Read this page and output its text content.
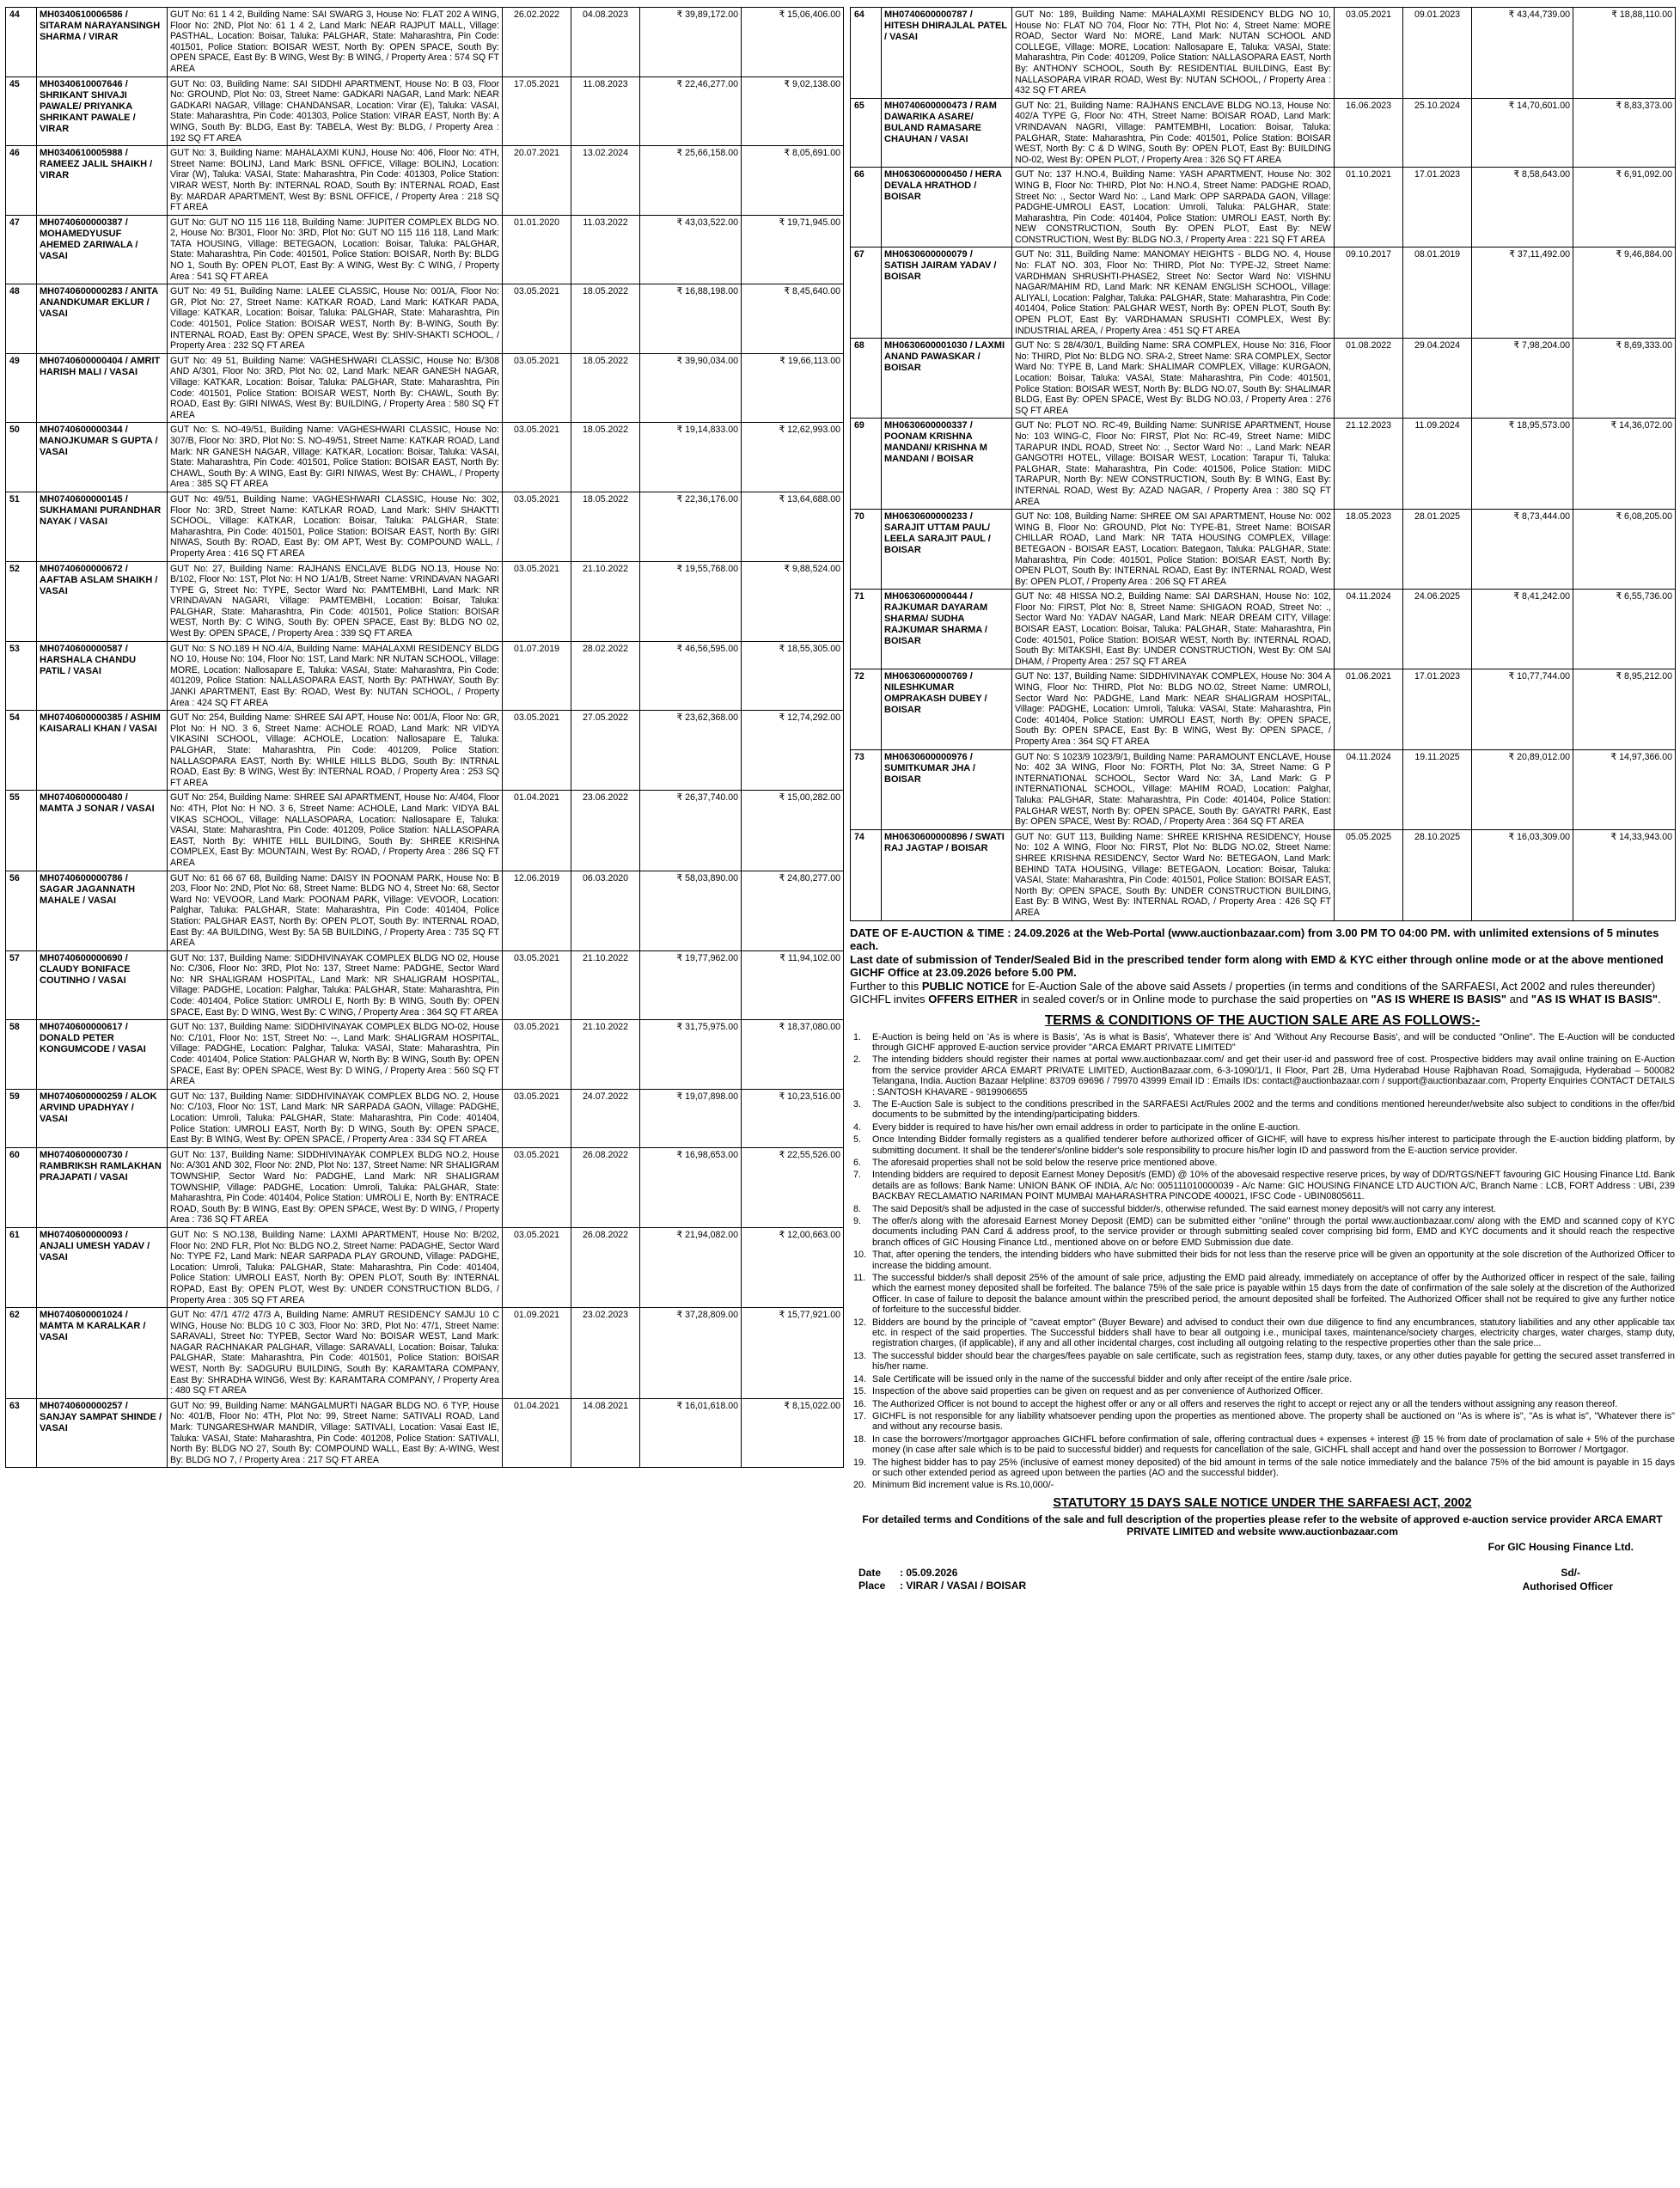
44	MH0340610006586 / SITARAM NARAYANSINGH SHARMA / VIRAR	GUT No: 61 1 4 2, Building Name: SAI SWARG 3, House No: FLAT 202 A WING, Floor No: 2ND, Plot No: 61 1 4 2, Land Mark: NEAR RAJPUT MALL, Village: PASTHAL, Location: Boisar, Taluka: PALGHAR, State: Maharashtra, Pin Code: 401501, Police Station: BOISAR WEST, North By: OPEN SPACE, South By: OPEN SPACE, East By: B WING, West By: B WING, / Property Area : 574 SQ FT AREA	26.02.2022	04.08.2023	₹ 39,89,172.00	₹ 15,06,406.00
45	MH0340610007646 / SHRIKANT SHIVAJI PAWALE/ PRIYANKA SHRIKANT PAWALE / VIRAR	GUT No: 03, Building Name: SAI SIDDHI APARTMENT, House No: B 03, Floor No: GROUND, Plot No: 03, Street Name: GADKARI NAGAR, Land Mark: NEAR GADKARI NAGAR, Village: CHANDANSAR, Location: Virar (E), Taluka: VASAI, State: Maharashtra, Pin Code: 401303, Police Station: VIRAR EAST, North By: A WING, South By: BLDG, East By: TABELA, West By: BLDG, / Property Area : 192 SQ FT AREA	17.05.2021	11.08.2023	₹ 22,46,277.00	₹ 9,02,138.00
46	MH0340610005988 / RAMEEZ JALIL SHAIKH / VIRAR	GUT No: 3, Building Name: MAHALAXMI KUNJ, House No: 406, Floor No: 4TH, Street Name: BOLINJ, Land Mark: BSNL OFFICE, Village: BOLINJ, Location: Virar (W), Taluka: VASAI, State: Maharashtra, Pin Code: 401303, Police Station: VIRAR WEST, North By: INTERNAL ROAD, South By: INTERNAL ROAD, East By: MARDAR APARTMENT, West By: BSNL OFFICE, / Property Area : 218 SQ FT AREA	20.07.2021	13.02.2024	₹ 25,66,158.00	₹ 8,05,691.00
47	MH0740600000387 / MOHAMEDYUSUF AHEMED ZARIWALA / VASAI	GUT No: GUT NO 115 116 118, Building Name: JUPITER COMPLEX BLDG NO. 2, House No: B/301, Floor No: 3RD, Plot No: GUT NO 115 116 118, Land Mark: TATA HOUSING, Village: BETEGAON, Location: Boisar, Taluka: PALGHAR, State: Maharashtra, Pin Code: 401501, Police Station: BOISAR, North By: BLDG NO 1, South By: OPEN PLOT, East By: A WING, West By: C WING, / Property Area : 541 SQ FT AREA	01.01.2020	11.03.2022	₹ 43,03,522.00	₹ 19,71,945.00
48	MH0740600000283 / ANITA ANANDKUMAR EKLUR / VASAI	GUT No: 49 51, Building Name: LALEE CLASSIC, House No: 001/A, Floor No: GR, Plot No: 27, Street Name: KATKAR ROAD, Land Mark: KATKAR PADA, Village: KATKAR, Location: Boisar, Taluka: PALGHAR, State: Maharashtra, Pin Code: 401501, Police Station: BOISAR WEST, North By: B-WING, South By: INTERNAL ROAD, East By: OPEN SPACE, West By: SHIV-SHAKTI SCHOOL, / Property Area : 232 SQ FT AREA	03.05.2021	18.05.2022	₹ 16,88,198.00	₹ 8,45,640.00
49	MH0740600000404 / AMRIT HARISH MALI / VASAI	GUT No: 49 51, Building Name: VAGHESHWARI CLASSIC, House No: B/308 AND A/301, Floor No: 3RD, Plot No: 02, Land Mark: NEAR GANESH NAGAR, Village: KATKAR, Location: Boisar, Taluka: PALGHAR, State: Maharashtra, Pin Code: 401501, Police Station: BOISAR WEST, North By: CHAWL, South By: ROAD, East By: GIRI NIWAS, West By: BUILDING, / Property Area : 580 SQ FT AREA	03.05.2021	18.05.2022	₹ 39,90,034.00	₹ 19,66,113.00
50	MH0740600000344 / MANOJKUMAR S GUPTA / VASAI	GUT No: S. NO-49/51, Building Name: VAGHESHWARI CLASSIC, House No: 307/B, Floor No: 3RD, Plot No: S. NO-49/51, Street Name: KATKAR ROAD, Land Mark: NR GANESH NAGAR, Village: KATKAR, Location: Boisar, Taluka: VASAI, State: Maharashtra, Pin Code: 401501, Police Station: BOISAR EAST, North By: CHAWL, South By: A WING, East By: GIRI NIWAS, West By: CHAWL, / Property Area : 385 SQ FT AREA	03.05.2021	18.05.2022	₹ 19,14,833.00	₹ 12,62,993.00
51	MH0740600000145 / SUKHAMANI PURANDHAR NAYAK / VASAI	GUT No: 49/51, Building Name: VAGHESHWARI CLASSIC, House No: 302, Floor No: 3RD, Street Name: KATLKAR ROAD, Land Mark: SHIV SHAKTTI SCHOOL, Village: KATKAR, Location: Boisar, Taluka: PALGHAR, State: Maharashtra, Pin Code: 401501, Police Station: BOISAR EAST, North By: GIRI NIWAS, South By: ROAD, East By: OM APT, West By: COMPOUND WALL, / Property Area : 416 SQ FT AREA	03.05.2021	18.05.2022	₹ 22,36,176.00	₹ 13,64,688.00
52	MH0740600000672 / AAFTAB ASLAM SHAIKH / VASAI	GUT No: 27, Building Name: RAJHANS ENCLAVE BLDG NO.13, House No: B/102, Floor No: 1ST, Plot No: H NO 1/A1/B, Street Name: VRINDAVAN NAGARI TYPE G, Street No: TYPE, Sector Ward No: PAMTEMBHI, Land Mark: NR VRINDAVAN NAGARI, Village: PAMTEMBHI, Location: Boisar, Taluka: PALGHAR, State: Maharashtra, Pin Code: 401501, Police Station: BOISAR WEST, North By: C WING, South By: OPEN SPACE, East By: BLDG NO 02, West By: OPEN SPACE, / Property Area : 339 SQ FT AREA	03.05.2021	21.10.2022	₹ 19,55,768.00	₹ 9,88,524.00
53	MH0740600000587 / HARSHALA CHANDU PATIL / VASAI	GUT No: S NO.189 H NO.4/A, Building Name: MAHALAXMI RESIDENCY BLDG NO 10, House No: 104, Floor No: 1ST, Land Mark: NR NUTAN SCHOOL, Village: MORE, Location: Nallosapare E, Taluka: VASAI, State: Maharashtra, Pin Code: 401209, Police Station: NALLASOPARA EAST, North By: PATHWAY, South By: JANKI APARTMENT, East By: ROAD, West By: NUTAN SCHOOL, / Property Area : 424 SQ FT AREA	01.07.2019	28.02.2022	₹ 46,56,595.00	₹ 18,55,305.00
54	MH0740600000385 / ASHIM KAISARALI KHAN / VASAI	GUT No: 254, Building Name: SHREE SAI APT, House No: 001/A, Floor No: GR, Plot No: H NO. 3 6, Street Name: ACHOLE ROAD, Land Mark: NR VIDYA VIKASINI SCHOOL, Village: ACHOLE, Location: Nallosapare E, Taluka: PALGHAR, State: Maharashtra, Pin Code: 401209, Police Station: NALLASOPARA EAST, North By: WHILE HILLS BLDG, South By: INTRNAL ROAD, East By: B WING, West By: INTERNAL ROAD, / Property Area : 253 SQ FT AREA	03.05.2021	27.05.2022	₹ 23,62,368.00	₹ 12,74,292.00
55	MH0740600000480 / MAMTA J SONAR / VASAI	GUT No: 254, Building Name: SHREE SAI APARTMENT, House No: A/404, Floor No: 4TH, Plot No: H NO. 3 6, Street Name: ACHOLE, Land Mark: VIDYA BAL VIKAS SCHOOL, Village: NALLASOPARA, Location: Nallosapare E, Taluka: VASAI, State: Maharashtra, Pin Code: 401209, Police Station: NALLASOPARA EAST, North By: WHITE HILL BUILDING, South By: SHREE KRISHNA COMPLEX, East By: MOUNTAIN, West By: ROAD, / Property Area : 286 SQ FT AREA	01.04.2021	23.06.2022	₹ 26,37,740.00	₹ 15,00,282.00
56	MH0740600000786 / SAGAR JAGANNATH MAHALE / VASAI	GUT No: 61 66 67 68, Building Name: DAISY IN POONAM PARK, House No: B 203, Floor No: 2ND, Plot No: 68, Street Name: BLDG NO 4, Street No: 68, Sector Ward No: VEVOOR, Land Mark: POONAM PARK, Village: VEVOOR, Location: Palghar, Taluka: PALGHAR, State: Maharashtra, Pin Code: 401404, Police Station: PALGHAR EAST, North By: OPEN PLOT, South By: INTERNAL ROAD, East By: 4A BUILDING, West By: 5A 5B BUILDING, / Property Area : 735 SQ FT AREA	12.06.2019	06.03.2020	₹ 58,03,890.00	₹ 24,80,277.00
57	MH0740600000690 / CLAUDY BONIFACE COUTINHO / VASAI	GUT No: 137, Building Name: SIDDHIVINAYAK COMPLEX BLDG NO 02, House No: C/306, Floor No: 3RD, Plot No: 137, Street Name: PADGHE, Sector Ward No: NR SHALIGRAM HOSPITAL, Land Mark: NR SHALIGRAM HOSPITAL, Village: PADGHE, Location: Palghar, Taluka: PALGHAR, State: Maharashtra, Pin Code: 401404, Police Station: UMROLI E, North By: B WING, South By: OPEN SPACE, East By: D WING, West By: C WING, / Property Area : 364 SQ FT AREA	03.05.2021	21.10.2022	₹ 19,77,962.00	₹ 11,94,102.00
58	MH0740600000617 / DONALD PETER KONGUMCODE / VASAI	GUT No: 137, Building Name: SIDDHIVINAYAK COMPLEX BLDG NO-02, House No: C/101, Floor No: 1ST, Street No: --, Land Mark: SHALIGRAM HOSPITAL, Village: PADGHE, Location: Palghar, Taluka: VASAI, State: Maharashtra, Pin Code: 401404, Police Station: PALGHAR W, North By: B WING, South By: OPEN SPACE, East By: OPEN SPACE, West By: D WING, / Property Area : 560 SQ FT AREA	03.05.2021	21.10.2022	₹ 31,75,975.00	₹ 18,37,080.00
59	MH0740600000259 / ALOK ARVIND UPADHYAY / VASAI	GUT No: 137, Building Name: SIDDHIVINAYAK COMPLEX BLDG NO. 2, House No: C/103, Floor No: 1ST, Land Mark: NR SARPADA GAON, Village: PADGHE, Location: Umroli, Taluka: PALGHAR, State: Maharashtra, Pin Code: 401404, Police Station: UMROLI EAST, North By: D WING, South By: OPEN SPACE, East By: B WING, West By: OPEN SPACE, / Property Area : 334 SQ FT AREA	03.05.2021	24.07.2022	₹ 19,07,898.00	₹ 10,23,516.00
60	MH0740600000730 / RAMBRIKSH RAMLAKHAN PRAJAPATI / VASAI	GUT No: 137, Building Name: SIDDHIVINAYAK COMPLEX BLDG NO.2, House No: A/301 AND 302, Floor No: 2ND, Plot No: 137, Street Name: NR SHALIGRAM TOWNSHIP, Sector Ward No: PADGHE, Land Mark: NR SHALIGRAM TOWNSHIP, Village: PADGHE, Location: Umroli, Taluka: PALGHAR, State: Maharashtra, Pin Code: 401404, Police Station: UMROLI E, North By: ENTRACE ROAD, South By: B WING, East By: OPEN SPACE, West By: D WING, / Property Area : 736 SQ FT AREA	03.05.2021	26.08.2022	₹ 16,98,653.00	₹ 22,55,526.00
61	MH0740600000093 / ANJALI UMESH YADAV / VASAI	GUT No: S NO.138, Building Name: LAXMI APARTMENT, House No: B/202, Floor No: 2ND FLR, Plot No: BLDG NO.2, Street Name: PADAGHE, Sector Ward No: TYPE F2, Land Mark: NEAR SARPADA PLAY GROUND, Village: PADGHE, Location: Umroli, Taluka: PALGHAR, State: Maharashtra, Pin Code: 401404, Police Station: UMROLI EAST, North By: OPEN PLOT, South By: INTERNAL ROPAD, East By: OPEN PLOT, West By: UNDER CONSTRUCTION BLDG, / Property Area : 305 SQ FT AREA	03.05.2021	26.08.2022	₹ 21,94,082.00	₹ 12,00,663.00
62	MH0740600001024 / MAMTA M KARALKAR / VASAI	GUT No: 47/1 47/2 47/3 A, Building Name: AMRUT RESIDENCY SAMJU 10 C WING, House No: BLDG 10 C 303, Floor No: 3RD, Plot No: 47/1, Street Name: SARAVALI, Street No: TYPEB, Sector Ward No: BOISAR WEST, Land Mark: NAGAR RACHNAKAR PALGHAR, Village: SARAVALI, Location: Boisar, Taluka: PALGHAR, State: Maharashtra, Pin Code: 401501, Police Station: BOISAR WEST, North By: SADGURU BUILDING, South By: KARAMTARA COMPANY, East By: SHRADHA WING6, West By: KARAMTARA COMPANY, / Property Area : 480 SQ FT AREA	01.09.2021	23.02.2023	₹ 37,28,809.00	₹ 15,77,921.00
63	MH0740600000257 / SANJAY SAMPAT SHINDE / VASAI	GUT No: 99, Building Name: MANGALMURTI NAGAR BLDG NO. 6 TYP, House No: 401/B, Floor No: 4TH, Plot No: 99, Street Name: SATIVALI ROAD, Land Mark: TUNGARESHWAR MANDIR, Village: SATIVALI, Location: Vasai East IE, Taluka: VASAI, State: Maharashtra, Pin Code: 401208, Police Station: SATIVALI, North By: BLDG NO 27, South By: COMPOUND WALL, East By: A-WING, West By: BLDG NO 7, / Property Area : 217 SQ FT AREA	01.04.2021	14.08.2021	₹ 16,01,618.00	₹ 8,15,022.00
64	MH0740600000787 / HITESH DHIRAJLAL PATEL / VASAI	GUT No: 189, Building Name: MAHALAXMI RESIDENCY BLDG NO 10, House No: FLAT NO 704, Floor No: 7TH, Plot No: 4, Street Name: MORE ROAD, Sector Ward No: MORE, Land Mark: NUTAN SCHOOL AND COLLEGE, Village: MORE, Location: Nallosapare E, Taluka: VASAI, State: Maharashtra, Pin Code: 401209, Police Station: NALLASOPARA EAST, North By: ANTHONY SCHOOL, South By: RESIDENTIAL BUILDING, East By: NALLASOPARA VIRAR ROAD, West By: NUTAN SCHOOL, / Property Area : 432 SQ FT AREA	03.05.2021	09.01.2023	₹ 43,44,739.00	₹ 18,88,110.00
65	MH0740600000473 / RAM DAWARIKA ASARE/ BULAND RAMASARE CHAUHAN / VASAI	GUT No: 21, Building Name: RAJHANS ENCLAVE BLDG NO.13, House No: 402/A TYPE G, Floor No: 4TH, Street Name: BOISAR ROAD, Land Mark: VRINDAVAN NAGRI, Village: PAMTEMBHI, Location: Boisar, Taluka: PALGHAR, State: Maharashtra, Pin Code: 401501, Police Station: BOISAR WEST, North By: C & D WING, South By: OPEN PLOT, East By: BUILDING NO-02, West By: OPEN PLOT, / Property Area : 326 SQ FT AREA	16.06.2023	25.10.2024	₹ 14,70,601.00	₹ 8,83,373.00
66	MH0630600000450 / HERA DEVALA HRATHOD / BOISAR	GUT No: 137 H.NO.4, Building Name: YASH APARTMENT, House No: 302 WING B, Floor No: THIRD, Plot No: H.NO.4, Street Name: PADGHE ROAD, Street No: ., Sector Ward No: ., Land Mark: OPP SARPADA GAON, Village: PADGHE-UMROLI EAST, Location: Umroli, Taluka: PALGHAR, State: Maharashtra, Pin Code: 401404, Police Station: UMROLI EAST, North By: NEW CONSTRUCTION, South By: OPEN PLOT, East By: NEW CONSTRUCTION, West By: BLDG NO.3, / Property Area : 221 SQ FT AREA	01.10.2021	17.01.2023	₹ 8,58,643.00	₹ 6,91,092.00
67	MH0630600000079 / SATISH JAIRAM YADAV / BOISAR	GUT No: 311, Building Name: MANOMAY HEIGHTS - BLDG NO. 4, House No: FLAT NO. 303, Floor No: THIRD, Plot No: TYPE-J2, Street Name: VARDHMAN SHRUSHTI-PHASE2, Street No: Sector Ward No: VISHNU NAGAR/MAHIM RD, Land Mark: NR KENAM ENGLISH SCHOOL, Village: ALIYALI, Location: Palghar, Taluka: PALGHAR, State: Maharashtra, Pin Code: 401404, Police Station: PALGHAR WEST, North By: OPEN PLOT, South By: OPEN PLOT, East By: VARDHAMAN SRUSHTI COMPLEX, West By: INDUSTRIAL AREA, / Property Area : 451 SQ FT AREA	09.10.2017	08.01.2019	₹ 37,11,492.00	₹ 9,46,884.00
68	MH0630600001030 / LAXMI ANAND PAWASKAR / BOISAR	GUT No: S 28/4/30/1, Building Name: SRA COMPLEX, House No: 316, Floor No: THIRD, Plot No: BLDG NO. SRA-2, Street Name: SRA COMPLEX, Sector Ward No: TYPE B, Land Mark: SHALIMAR COMPLEX, Village: KURGAON, Location: Boisar, Taluka: VASAI, State: Maharashtra, Pin Code: 401501, Police Station: BOISAR WEST, North By: BLDG NO.07, South By: SHALIMAR BLDG, East By: OPEN SPACE, West By: BLDG NO.03, / Property Area : 276 SQ FT AREA	01.08.2022	29.04.2024	₹ 7,98,204.00	₹ 8,69,333.00
69	MH0630600000337 / POONAM KRISHNA MANDANI/ KRISHNA M MANDANI / BOISAR	GUT No: PLOT NO. RC-49, Building Name: SUNRISE APARTMENT, House No: 103 WING-C, Floor No: FIRST, Plot No: RC-49, Street Name: MIDC TARAPUR INDL ROAD, Street No: ., Sector Ward No: ., Land Mark: NEAR GANGOTRI HOTEL, Village: BOISAR WEST, Location: Tarapur Ti, Taluka: PALGHAR, State: Maharashtra, Pin Code: 401506, Police Station: MIDC TARAPUR, North By: NEW CONSTRUCTION, South By: B WING, East By: INTERNAL ROAD, West By: AZAD NAGAR, / Property Area : 380 SQ FT AREA	21.12.2023	11.09.2024	₹ 18,95,573.00	₹ 14,36,072.00
70	MH0630600000233 / SARAJIT UTTAM PAUL/ LEELA SARAJIT PAUL / BOISAR	GUT No: 108, Building Name: SHREE OM SAI APARTMENT, House No: 002 WING B, Floor No: GROUND, Plot No: TYPE-B1, Street Name: BOISAR CHILLAR ROAD, Land Mark: NR TATA HOUSING COMPLEX, Village: BETEGAON - BOISAR EAST, Location: Bategaon, Taluka: PALGHAR, State: Maharashtra, Pin Code: 401501, Police Station: BOISAR EAST, North By: OPEN PLOT, South By: INTERNAL ROAD, East By: INTERNAL ROAD, West By: OPEN PLOT, / Property Area : 206 SQ FT AREA	18.05.2023	28.01.2025	₹ 8,73,444.00	₹ 6,08,205.00
71	MH0630600000444 / RAJKUMAR DAYARAM SHARMA/ SUDHA RAJKUMAR SHARMA / BOISAR	GUT No: 48 HISSA NO.2, Building Name: SAI DARSHAN, House No: 102, Floor No: FIRST, Plot No: 8, Street Name: SHIGAON ROAD, Street No: ., Sector Ward No: YADAV NAGAR, Land Mark: NEAR DREAM CITY, Village: BOISAR EAST, Location: Boisar, Taluka: PALGHAR, State: Maharashtra, Pin Code: 401501, Police Station: BOISAR WEST, North By: INTERNAL ROAD, South By: MITAKSHI, East By: UNDER CONSTRUCTION, West By: OM SAI DHAM, / Property Area : 257 SQ FT AREA	04.11.2024	24.06.2025	₹ 8,41,242.00	₹ 6,55,736.00
72	MH0630600000769 / NILESHKUMAR OMPRAKASH DUBEY / BOISAR	GUT No: 137, Building Name: SIDDHIVINAYAK COMPLEX, House No: 304 A WING, Floor No: THIRD, Plot No: BLDG NO.02, Street Name: UMROLI, Sector Ward No: PADGHE, Land Mark: NEAR SHALIGRAM HOSPITAL, Village: PADGHE, Location: Umroli, Taluka: VASAI, State: Maharashtra, Pin Code: 401404, Police Station: UMROLI EAST, North By: OPEN SPACE, South By: OPEN SPACE, East By: B WING, West By: OPEN SPACE, / Property Area : 364 SQ FT AREA	01.06.2021	17.01.2023	₹ 10,77,744.00	₹ 8,95,212.00
73	MH0630600000976 / SUMITKUMAR JHA / BOISAR	GUT No: S 1023/9 1023/9/1, Building Name: PARAMOUNT ENCLAVE, House No: 402 3A WING, Floor No: FORTH, Plot No: 3A, Street Name: G P INTERNATIONAL SCHOOL, Sector Ward No: 3A, Land Mark: G P INTERNATIONAL SCHOOL, Village: MAHIM ROAD, Location: Palghar, Taluka: PALGHAR, State: Maharashtra, Pin Code: 401404, Police Station: PALGHAR WEST, North By: OPEN SPACE, South By: GAYATRI PARK, East By: OPEN SPACE, West By: ROAD, / Property Area : 364 SQ FT AREA	04.11.2024	19.11.2025	₹ 20,89,012.00	₹ 14,97,366.00
74	MH0630600000896 / SWATI RAJ JAGTAP / BOISAR	GUT No: GUT 113, Building Name: SHREE KRISHNA RESIDENCY, House No: 102 A WING, Floor No: FIRST, Plot No: BLDG NO.02, Street Name: SHREE KRISHNA RESIDENCY, Sector Ward No: BETEGAON, Land Mark: BEHIND TATA HOUSING, Village: BETEGAON, Location: Boisar, Taluka: VASAI, State: Maharashtra, Pin Code: 401501, Police Station: BOISAR EAST, North By: OPEN SPACE, South By: UNDER CONSTRUCTION BUILDING, East By: B WING, West By: INTERNAL ROAD, / Property Area : 426 SQ FT AREA	05.05.2025	28.10.2025	₹ 16,03,309.00	₹ 14,33,943.00
DATE OF E-AUCTION & TIME : 24.09.2026 at the Web-Portal (www.auctionbazaar.com) from 3.00 PM TO 04:00 PM. with unlimited extensions of 5 minutes each.
Last date of submission of Tender/Sealed Bid in the prescribed tender form along with EMD & KYC either through online mode or at the above mentioned GICHF Office at 23.09.2026 before 5.00 PM.
Further to this PUBLIC NOTICE for E-Auction Sale of the above said Assets / properties (in terms and conditions of the SARFAESI, Act 2002 and rules thereunder) GICHFL invites OFFERS EITHER in sealed cover/s or in Online mode to purchase the said properties on "AS IS WHERE IS BASIS" and "AS IS WHAT IS BASIS".
TERMS & CONDITIONS OF THE AUCTION SALE ARE AS FOLLOWS:-
1.	E-Auction is being held on 'As is where is Basis', 'As is what is Basis', 'Whatever there is' And 'Without Any Recourse Basis', and will be conducted "Online". The E-Auction will be conducted through GICHF approved E-auction service provider "ARCA EMART PRIVATE LIMITED"
2.	The intending bidders should register their names at portal www.auctionbazaar.com/ and get their user-id and password free of cost. Prospective bidders may avail online training on E-Auction from the service provider ARCA EMART PRIVATE LIMITED, AuctionBazaar.com, 6-3-1090/1/1, II Floor, Part 2B, Uma Hyderabad House Rajbhavan Road, Somajiguda, Hyderabad – 500082 Telangana, India. Auction Bazaar Helpline: 83709 69696 / 79970 43999 Email ID : Emails IDs: contact@auctionbazaar.com / support@auctionbazaar.com, Property Enquiries CONTACT DETAILS : SANTOSH KHAVARE - 9819906655
3.	The E-Auction Sale is subject to the conditions prescribed in the SARFAESI Act/Rules 2002 and the terms and conditions mentioned hereunder/website also subject to conditions in the offer/bid documents to be submitted by the intending/participating bidders.
4.	Every bidder is required to have his/her own email address in order to participate in the online E-auction.
5.	Once Intending Bidder formally registers as a qualified tenderer before authorized officer of GICHF, will have to express his/her interest to participate through the E-auction bidding platform, by submitting document. It shall be the tenderer's/online bidder's sole responsibility to procure his/her login ID and password from the E-auction service provider.
6.	The aforesaid properties shall not be sold below the reserve price mentioned above.
7.	Intending bidders are required to deposit Earnest Money Deposit/s (EMD) @ 10% of the abovesaid respective reserve prices, by way of DD/RTGS/NEFT favouring GIC Housing Finance Ltd. Bank details are as follows: Bank Name: UNION BANK OF INDIA, A/c No: 005111010000039 - A/c Name: GIC HOUSING FINANCE LTD AUCTION A/C, Branch Name : LCB, FORT Address : UBI, 239 BACKBAY RECLAMATIO NARIMAN POINT MUMBAI MAHARASHTRA PINCODE 400021, IFSC Code - UBIN0805611.
8.	The said Deposit/s shall be adjusted in the case of successful bidder/s, otherwise refunded. The said earnest money deposit/s will not carry any interest.
9.	The offer/s along with the aforesaid Earnest Money Deposit (EMD) can be submitted either "online" through the portal www.auctionbazaar.com/ along with the EMD and scanned copy of KYC documents including PAN Card & address proof, to the service provider or through submitting sealed cover comprising bid form, EMD and KYC documents and it should reach the respective branch offices of GIC Housing Finance Ltd., mentioned above on or before EMD Submission due date.
10. That, after opening the tenders, the intending bidders who have submitted their bids for not less than the reserve price will be given an opportunity at the sole discretion of the Authorized Officer to increase the bidding amount.
11. The successful bidder/s shall deposit 25% of the amount of sale price, adjusting the EMD paid already, immediately on acceptance of offer by the Authorized officer in respect of the sale, failing which the earnest money deposited shall be forfeited. The balance 75% of the sale price is payable within 15 days from the date of confirmation of the sale solely at the discretion of the Authorized Officer. In case of failure to deposit the balance amount within the prescribed period, the amount deposited shall be forfeited. The Authorized Officer shall not be required to give any further notice of forfeiture to the successful bidder.
12. Bidders are bound by the principle of "caveat emptor" (Buyer Beware) and advised to conduct their own due diligence to find any encumbrances, statutory liabilities and any other applicable tax etc. in respect of the said properties. The Successful bidders shall have to bear all outgoing i.e., municipal taxes, maintenance/society charges, electricity charges, water charges, stamp duty, registration charges, (if applicable), if any and all other incidental charges, cost including all outgoing relating to the respective properties other than the sale price...
13. The successful bidder should bear the charges/fees payable on sale certificate, such as registration fees, stamp duty, taxes, or any other duties payable for getting the secured asset transferred in his/her name.
14. Sale Certificate will be issued only in the name of the successful bidder and only after receipt of the entire /sale price.
15. Inspection of the above said properties can be given on request and as per convenience of Authorized Officer.
16. The Authorized Officer is not bound to accept the highest offer or any or all offers and reserves the right to accept or reject any or all the tenders without assigning any reason thereof.
17. GICHFL is not responsible for any liability whatsoever pending upon the properties as mentioned above. The property shall be auctioned on "As is where is", "As is what is", "Whatever there is" and without any recourse basis.
18. In case the borrowers'/mortgagor approaches GICHFL before confirmation of sale, offering contractual dues + expenses + interest @ 15 % from date of proclamation of sale + 5% of the purchase money (in case after sale which is to be paid to successful bidder) and requests for cancellation of the sale, GICHFL shall accept and hand over the possession to Borrower / Mortgagor.
19. The highest bidder has to pay 25% (inclusive of earnest money deposited) of the bid amount in terms of the sale notice immediately and the balance 75% of the bid amount is payable in 15 days or such other extended period as agreed upon between the parties (AO and the successful bidder).
20. Minimum Bid increment value is Rs.10,000/-
STATUTORY 15 DAYS SALE NOTICE UNDER THE SARFAESI ACT, 2002
For detailed terms and Conditions of the sale and full description of the properties please refer to the website of approved e-auction service provider ARCA EMART PRIVATE LIMITED and website www.auctionbazaar.com
For GIC Housing Finance Ltd.
Sd/-
Authorised Officer
Date : 05.09.2026
Place : VIRAR / VASAI / BOISAR
